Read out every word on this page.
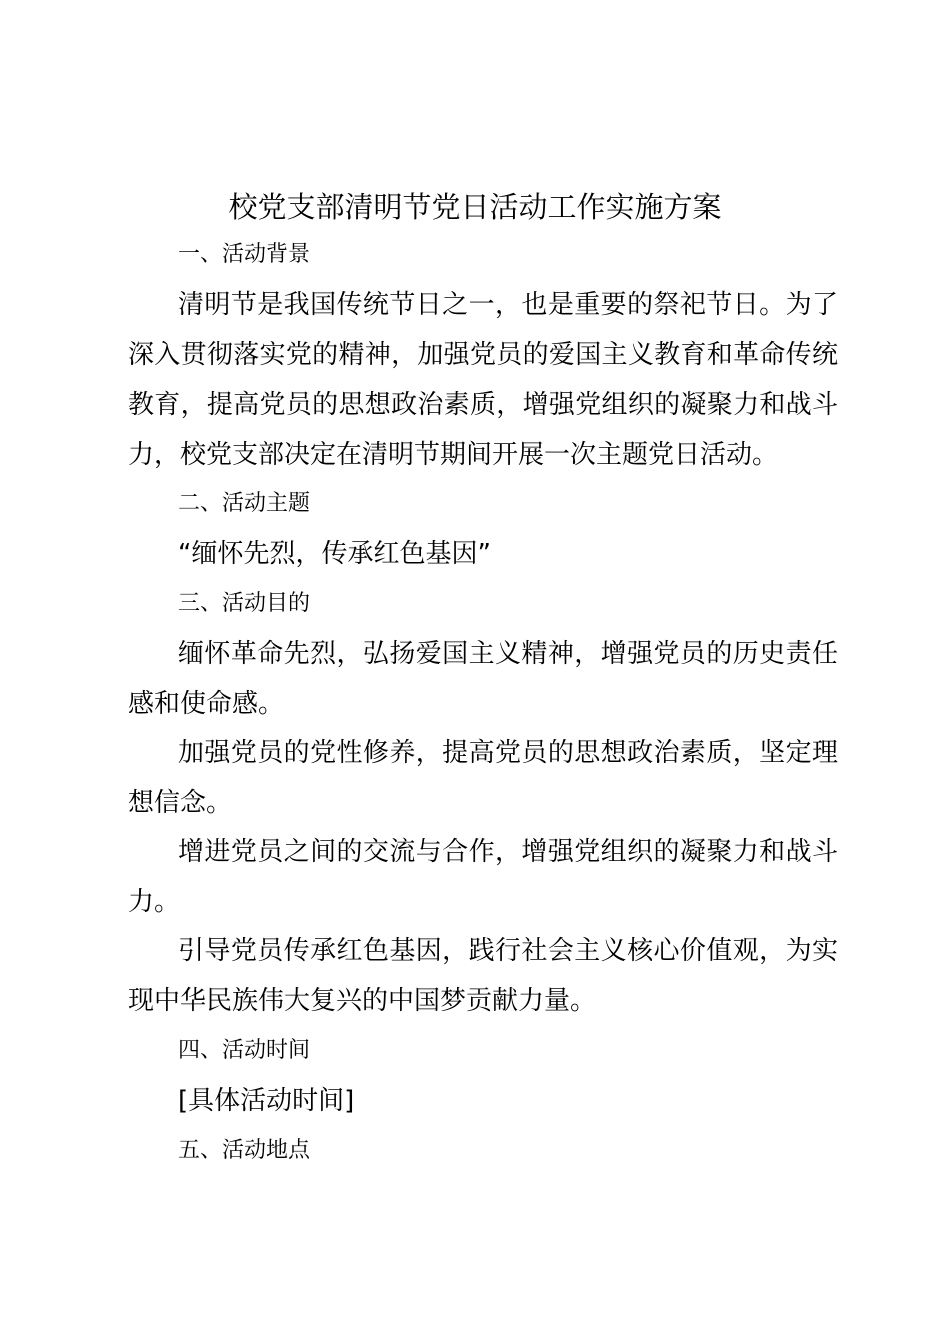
校党支部清明节党日活动工作实施方案
一、活动背景
清明节是我国传统节日之一，也是重要的祭祀节日。为了深入贯彻落实党的精神，加强党员的爱国主义教育和革命传统教育，提高党员的思想政治素质，增强党组织的凝聚力和战斗力，校党支部决定在清明节期间开展一次主题党日活动。
二、活动主题
“缅怀先烈，传承红色基因”
三、活动目的
缅怀革命先烈，弘扬爱国主义精神，增强党员的历史责任感和使命感。
加强党员的党性修养，提高党员的思想政治素质，坚定理想信念。
增进党员之间的交流与合作，增强党组织的凝聚力和战斗力。
引导党员传承红色基因，践行社会主义核心价值观，为实现中华民族伟大复兴的中国梦贡献力量。
四、活动时间
[具体活动时间]
五、活动地点
